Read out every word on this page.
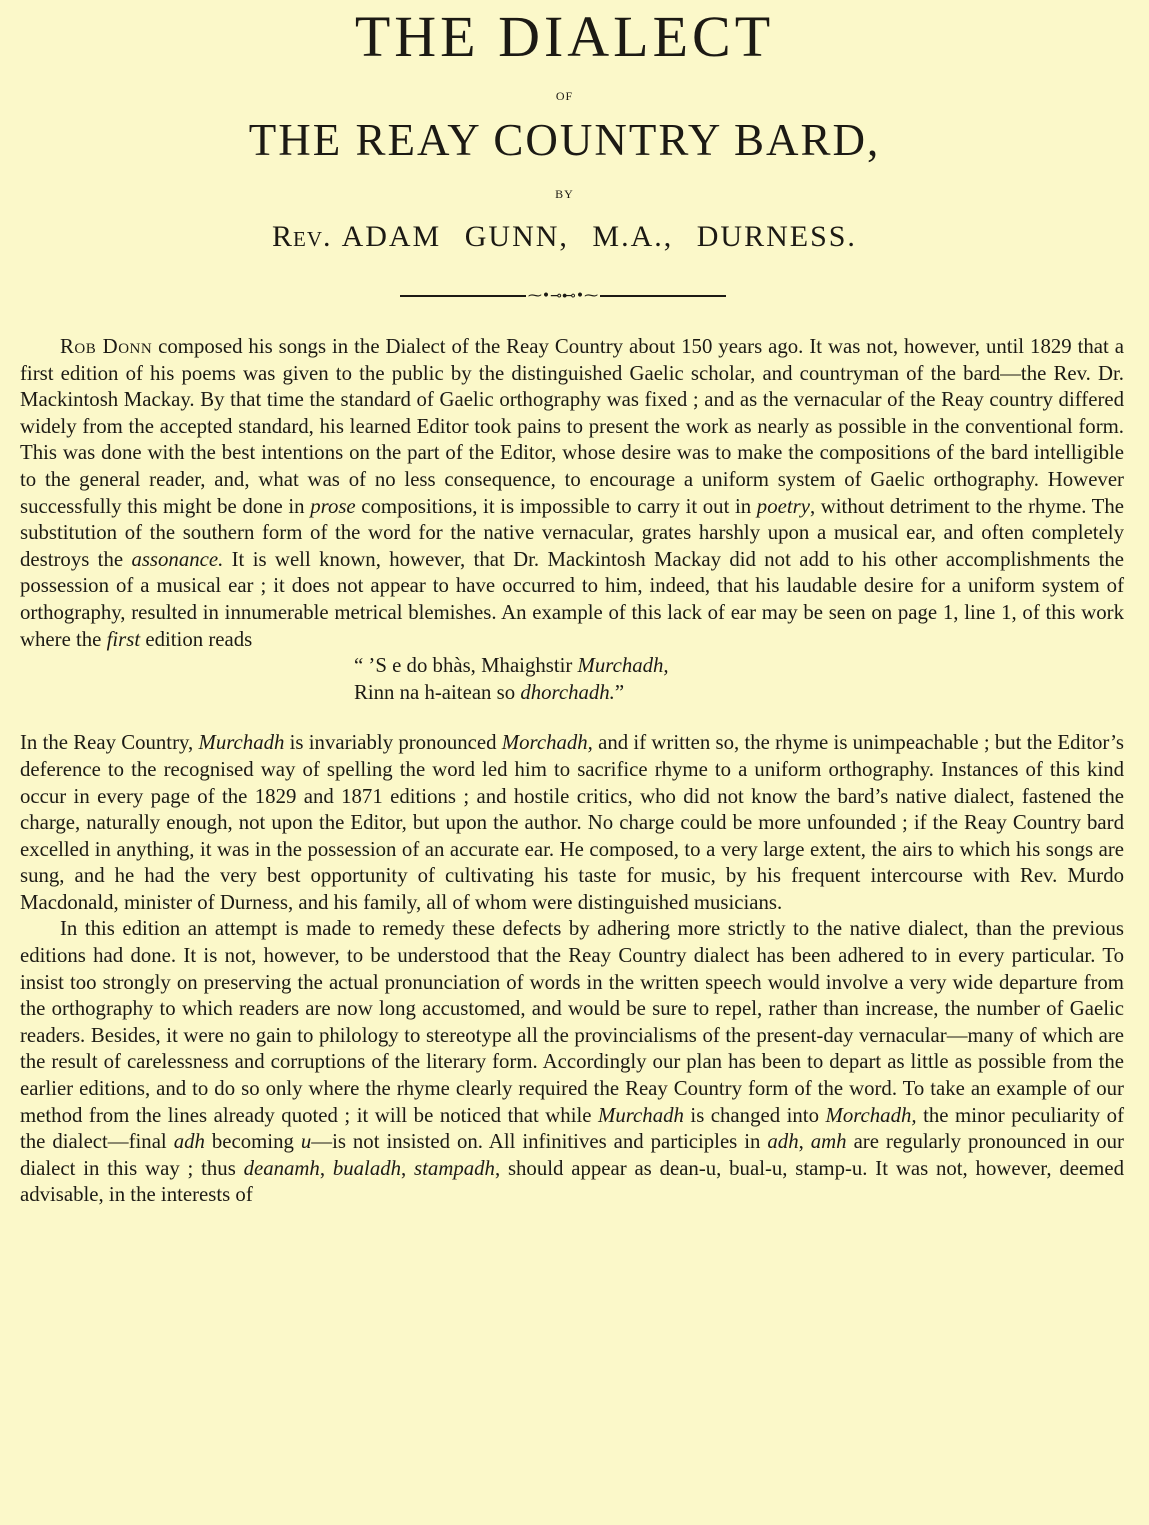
THE DIALECT
OF
THE REAY COUNTRY BARD,
BY
Rev. ADAM GUNN, M.A., DURNESS.
⁓•⊸⊷•⁓

Rob Donn composed his songs in the Dialect of the Reay Country about 150 years ago. It was not, however, until 1829 that a first edition of his poems was given to the public by the distinguished Gaelic scholar, and countryman of the bard—the Rev. Dr. Mackintosh Mackay. By that time the standard of Gaelic orthography was fixed ; and as the vernacular of the Reay country differed widely from the accepted standard, his learned Editor took pains to present the work as nearly as possible in the conventional form. This was done with the best intentions on the part of the Editor, whose desire was to make the compositions of the bard intelligible to the general reader, and, what was of no less consequence, to encourage a uniform system of Gaelic orthography. However successfully this might be done in prose compositions, it is impossible to carry it out in poetry, without detriment to the rhyme. The substitution of the southern form of the word for the native vernacular, grates harshly upon a musical ear, and often completely destroys the assonance. It is well known, however, that Dr. Mackintosh Mackay did not add to his other accomplishments the possession of a musical ear ; it does not appear to have occurred to him, indeed, that his laudable desire for a uniform system of orthography, resulted in innumerable metrical blemishes. An example of this lack of ear may be seen on page 1, line 1, of this work where the first edition reads

“ ’S e do bhàs, Mhaighstir Murchadh,
Rinn na h-aitean so dhorchadh.”

In the Reay Country, Murchadh is invariably pronounced Morchadh, and if written so, the rhyme is unimpeachable ; but the Editor’s deference to the recognised way of spelling the word led him to sacrifice rhyme to a uniform orthography. Instances of this kind occur in every page of the 1829 and 1871 editions ; and hostile critics, who did not know the bard’s native dialect, fastened the charge, naturally enough, not upon the Editor, but upon the author. No charge could be more unfounded ; if the Reay Country bard excelled in anything, it was in the possession of an accurate ear. He composed, to a very large extent, the airs to which his songs are sung, and he had the very best opportunity of cultivating his taste for music, by his frequent intercourse with Rev. Murdo Macdonald, minister of Durness, and his family, all of whom were distinguished musicians.

In this edition an attempt is made to remedy these defects by adhering more strictly to the native dialect, than the previous editions had done. It is not, however, to be understood that the Reay Country dialect has been adhered to in every particular. To insist too strongly on preserving the actual pronunciation of words in the written speech would involve a very wide departure from the orthography to which readers are now long accustomed, and would be sure to repel, rather than increase, the number of Gaelic readers. Besides, it were no gain to philology to stereotype all the provincialisms of the present-day vernacular—many of which are the result of carelessness and corruptions of the literary form. Accordingly our plan has been to depart as little as possible from the earlier editions, and to do so only where the rhyme clearly required the Reay Country form of the word. To take an example of our method from the lines already quoted ; it will be noticed that while Murchadh is changed into Morchadh, the minor peculiarity of the dialect—final adh becoming u—is not insisted on. All infinitives and participles in adh, amh are regularly pronounced in our dialect in this way ; thus deanamh, bualadh, stampadh, should appear as dean-u, bual-u, stamp-u. It was not, however, deemed advisable, in the interests of
